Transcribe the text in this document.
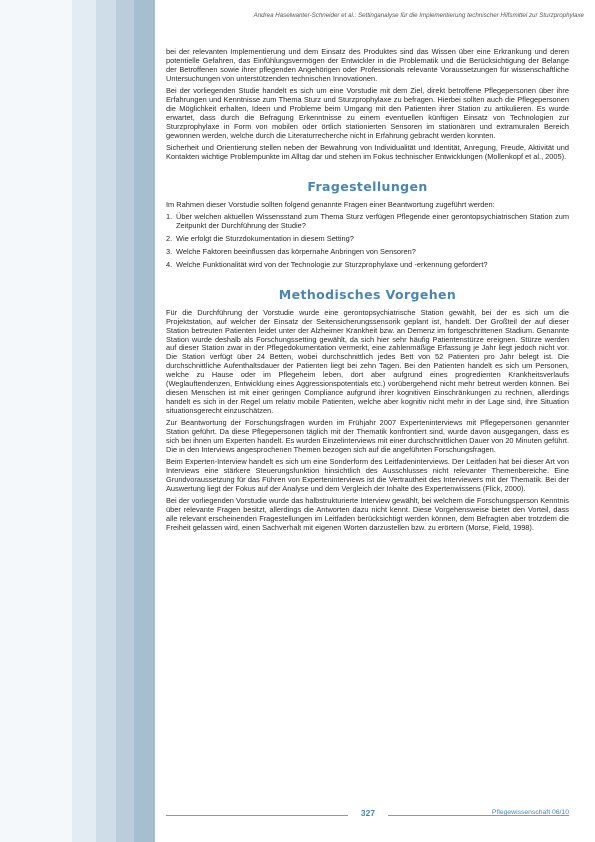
Andrea Haselwanter-Schneider et al.: Settinganalyse für die Implementierung technischer Hilfsmittel zur Sturzprophylaxe

bei der relevanten Implementierung und dem Einsatz des Produktes sind das Wissen über eine Erkrankung und deren potentielle Gefahren, das Einfühlungsvermögen der Entwickler in die Problematik und die Berücksichtigung der Belange der Betroffenen sowie ihrer pflegenden Angehörigen oder Professionals relevante Voraussetzungen für wissenschaftliche Untersuchungen von unterstützenden technischen Innovationen.

Bei der vorliegenden Studie handelt es sich um eine Vorstudie mit dem Ziel, direkt betroffene Pflegepersonen über ihre Erfahrungen und Kenntnisse zum Thema Sturz und Sturzprophylaxe zu befragen. Hierbei sollten auch die Pflegepersonen die Möglichkeit erhalten, Ideen und Probleme beim Umgang mit den Patienten ihrer Station zu artikulieren. Es wurde erwartet, dass durch die Befragung Erkenntnisse zu einem eventuellen künftigen Einsatz von Technologien zur Sturzprophylaxe in Form von mobilen oder örtlich stationierten Sensoren im stationären und extramuralen Bereich gewonnen werden, welche durch die Literaturrecherche nicht in Erfahrung gebracht werden konnten.

Sicherheit und Orientierung stellen neben der Bewahrung von Individualität und Identität, Anregung, Freude, Aktivität und Kontakten wichtige Problempunkte im Alltag dar und stehen im Fokus technischer Entwicklungen (Mollenkopf et al., 2005).

Fragestellungen

Im Rahmen dieser Vorstudie sollten folgend genannte Fragen einer Beantwortung zugeführt werden:

1. Über welchen aktuellen Wissensstand zum Thema Sturz verfügen Pflegende einer gerontopsychiatrischen Station zum Zeitpunkt der Durchführung der Studie?
2. Wie erfolgt die Sturzdokumentation in diesem Setting?
3. Welche Faktoren beeinflussen das körpernahe Anbringen von Sensoren?
4. Welche Funktionalität wird von der Technologie zur Sturzprophylaxe und -erkennung gefordert?
Methodisches Vorgehen

Für die Durchführung der Vorstudie wurde eine gerontopsychiatrische Station gewählt, bei der es sich um die Projektstation, auf welcher der Einsatz der Seitensicherungssensorik geplant ist, handelt. Der Großteil der auf dieser Station betreuten Patienten leidet unter der Alzheimer Krankheit bzw. an Demenz im fortgeschrittenen Stadium. Genannte Station wurde deshalb als Forschungssetting gewählt, da sich hier sehr häufig Patientenstürze ereignen. Stürze werden auf dieser Station zwar in der Pflegedokumentation vermerkt, eine zahlenmäßige Erfassung je Jahr liegt jedoch nicht vor. Die Station verfügt über 24 Betten, wobei durchschnittlich jedes Bett von 52 Patienten pro Jahr belegt ist. Die durchschnittliche Aufenthaltsdauer der Patienten liegt bei zehn Tagen. Bei den Patienten handelt es sich um Personen, welche zu Hause oder im Pflegeheim leben, dort aber aufgrund eines progredienten Krankheitsverlaufs (Weglauftendenzen, Entwicklung eines Aggressionspotentials etc.) vorübergehend nicht mehr betreut werden können. Bei diesen Menschen ist mit einer geringen Compliance aufgrund ihrer kognitiven Einschränkungen zu rechnen, allerdings handelt es sich in der Regel um relativ mobile Patienten, welche aber kognitiv nicht mehr in der Lage sind, ihre Situation situationsgerecht einzuschätzen.

Zur Beantwortung der Forschungsfragen wurden im Frühjahr 2007 Experteninterviews mit Pflegepersonen genannter Station geführt. Da diese Pflegepersonen täglich mit der Thematik konfrontiert sind, wurde davon ausgegangen, dass es sich bei ihnen um Experten handelt. Es wurden Einzelinterviews mit einer durchschnittlichen Dauer von 20 Minuten geführt. Die in den Interviews angesprochenen Themen bezogen sich auf die angeführten Forschungsfragen.

Beim Experten-Interview handelt es sich um eine Sonderform des Leitfadeninterviews. Der Leitfaden hat bei dieser Art von Interviews eine stärkere Steuerungsfunktion hinsichtlich des Ausschlusses nicht relevanter Themenbereiche. Eine Grundvoraussetzung für das Führen von Experteninterviews ist die Vertrautheit des Interviewers mit der Thematik. Bei der Auswertung liegt der Fokus auf der Analyse und dem Vergleich der Inhalte des Expertenwissens (Flick, 2000).

Bei der vorliegenden Vorstudie wurde das halbstrukturierte Interview gewählt, bei welchem die Forschungsperson Kenntnis über relevante Fragen besitzt, allerdings die Antworten dazu nicht kennt. Diese Vorgehensweise bietet den Vorteil, dass alle relevant erscheinenden Fragestellungen im Leitfaden berücksichtigt werden können, dem Befragten aber trotzdem die Freiheit gelassen wird, einen Sachverhalt mit eigenen Worten darzustellen bzw. zu erörtern (Morse, Field, 1998).

327	Pflegewissenschaft 06/10
